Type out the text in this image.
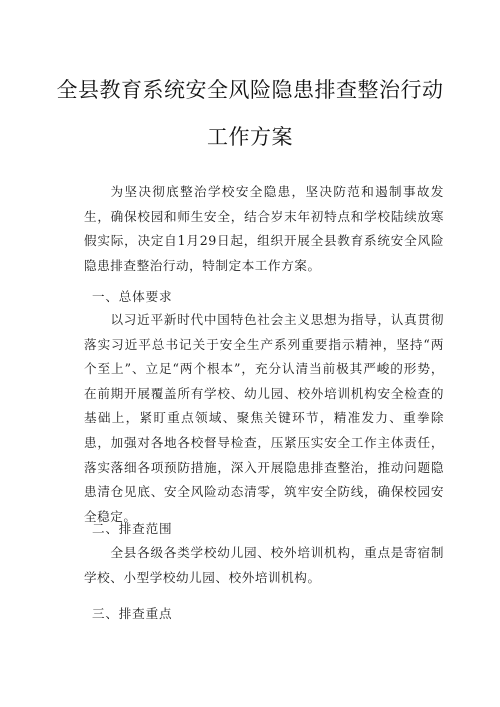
全县教育系统安全风险隐患排查整治行动
工作方案

为坚决彻底整治学校安全隐患，坚决防范和遏制事故发生，确保校园和师生安全，结合岁末年初特点和学校陆续放寒假实际，决定自1月29日起，组织开展全县教育系统安全风险隐患排查整治行动，特制定本工作方案。

一、总体要求

以习近平新时代中国特色社会主义思想为指导，认真贯彻落实习近平总书记关于安全生产系列重要指示精神，坚持“两个至上”、立足“两个根本”，充分认清当前极其严峻的形势，在前期开展覆盖所有学校、幼儿园、校外培训机构安全检查的基础上，紧盯重点领域、聚焦关键环节，精准发力、重拳除患，加强对各地各校督导检查，压紧压实安全工作主体责任，落实落细各项预防措施，深入开展隐患排查整治，推动问题隐患清仓见底、安全风险动态清零，筑牢安全防线，确保校园安全稳定。

二、排查范围

全县各级各类学校幼儿园、校外培训机构，重点是寄宿制学校、小型学校幼儿园、校外培训机构。

三、排查重点
